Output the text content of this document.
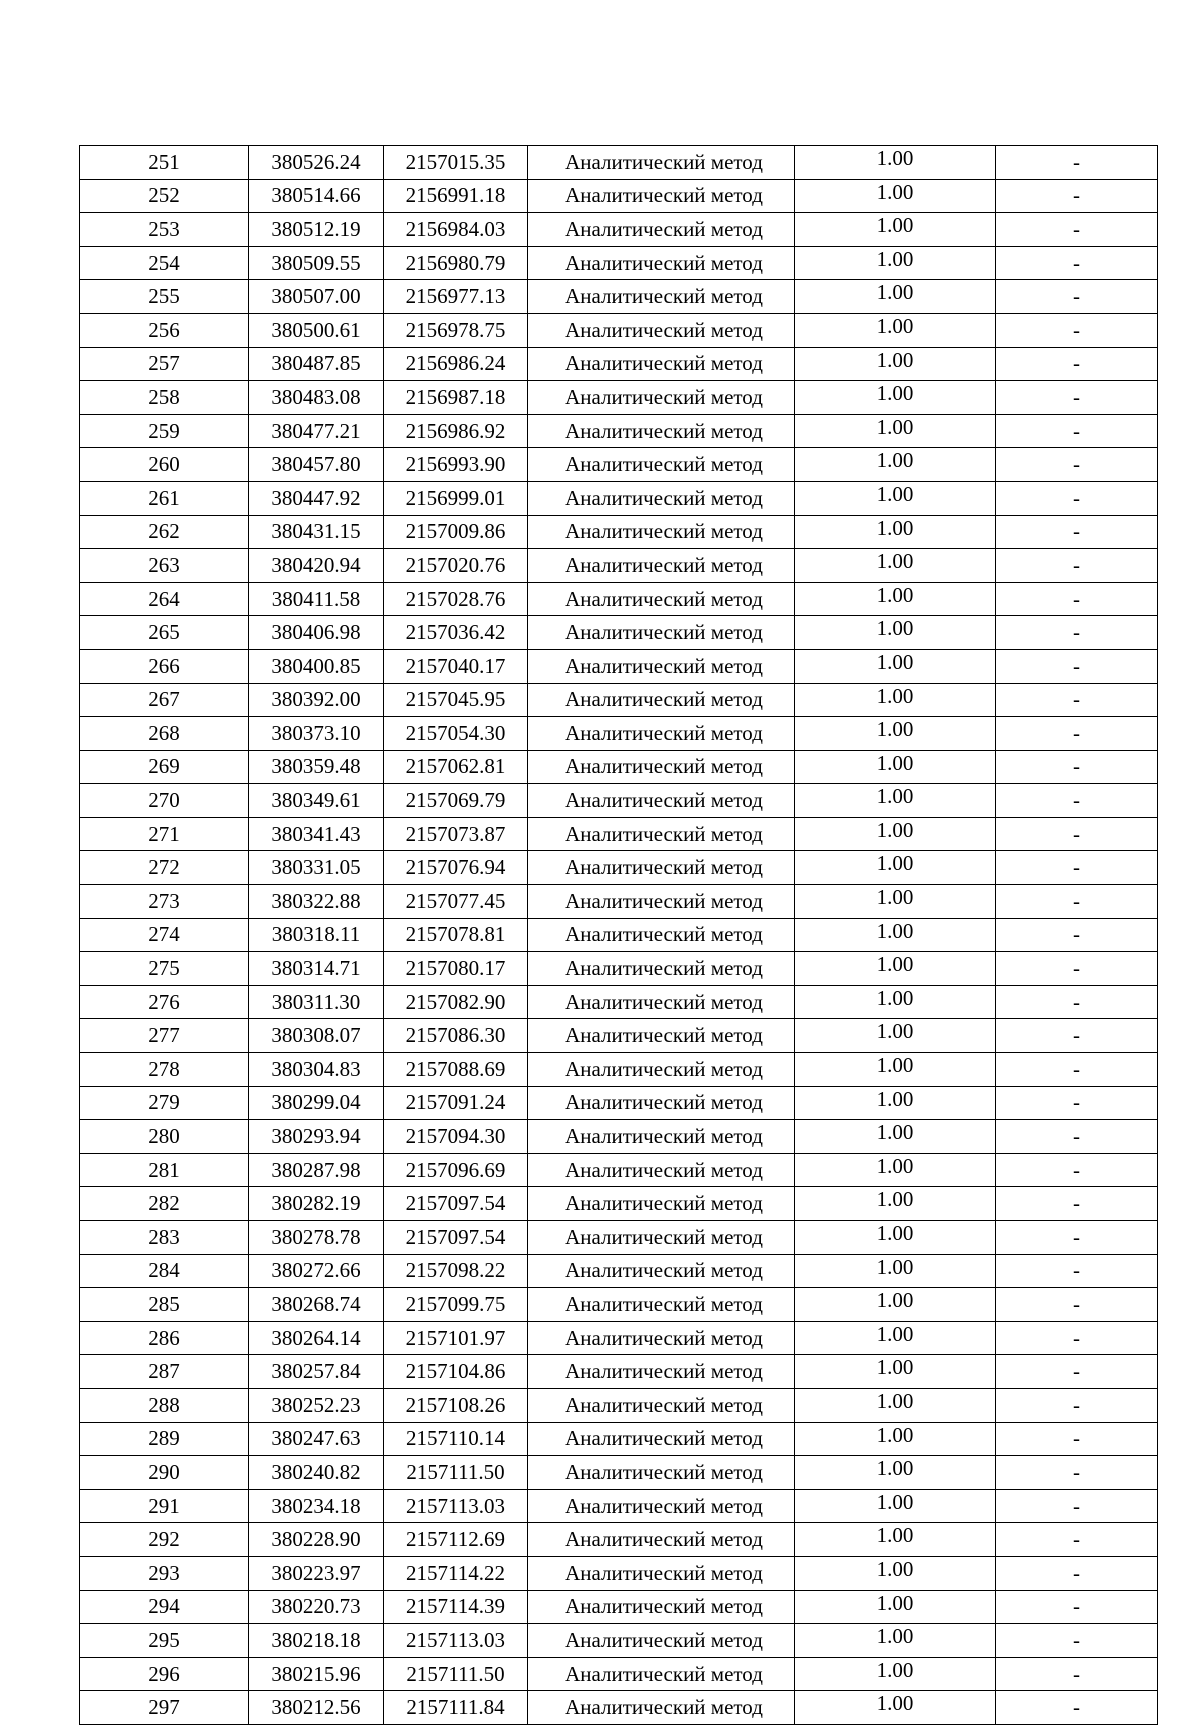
251	380526.24	2157015.35	Аналитический метод	1.00	-
252	380514.66	2156991.18	Аналитический метод	1.00	-
253	380512.19	2156984.03	Аналитический метод	1.00	-
254	380509.55	2156980.79	Аналитический метод	1.00	-
255	380507.00	2156977.13	Аналитический метод	1.00	-
256	380500.61	2156978.75	Аналитический метод	1.00	-
257	380487.85	2156986.24	Аналитический метод	1.00	-
258	380483.08	2156987.18	Аналитический метод	1.00	-
259	380477.21	2156986.92	Аналитический метод	1.00	-
260	380457.80	2156993.90	Аналитический метод	1.00	-
261	380447.92	2156999.01	Аналитический метод	1.00	-
262	380431.15	2157009.86	Аналитический метод	1.00	-
263	380420.94	2157020.76	Аналитический метод	1.00	-
264	380411.58	2157028.76	Аналитический метод	1.00	-
265	380406.98	2157036.42	Аналитический метод	1.00	-
266	380400.85	2157040.17	Аналитический метод	1.00	-
267	380392.00	2157045.95	Аналитический метод	1.00	-
268	380373.10	2157054.30	Аналитический метод	1.00	-
269	380359.48	2157062.81	Аналитический метод	1.00	-
270	380349.61	2157069.79	Аналитический метод	1.00	-
271	380341.43	2157073.87	Аналитический метод	1.00	-
272	380331.05	2157076.94	Аналитический метод	1.00	-
273	380322.88	2157077.45	Аналитический метод	1.00	-
274	380318.11	2157078.81	Аналитический метод	1.00	-
275	380314.71	2157080.17	Аналитический метод	1.00	-
276	380311.30	2157082.90	Аналитический метод	1.00	-
277	380308.07	2157086.30	Аналитический метод	1.00	-
278	380304.83	2157088.69	Аналитический метод	1.00	-
279	380299.04	2157091.24	Аналитический метод	1.00	-
280	380293.94	2157094.30	Аналитический метод	1.00	-
281	380287.98	2157096.69	Аналитический метод	1.00	-
282	380282.19	2157097.54	Аналитический метод	1.00	-
283	380278.78	2157097.54	Аналитический метод	1.00	-
284	380272.66	2157098.22	Аналитический метод	1.00	-
285	380268.74	2157099.75	Аналитический метод	1.00	-
286	380264.14	2157101.97	Аналитический метод	1.00	-
287	380257.84	2157104.86	Аналитический метод	1.00	-
288	380252.23	2157108.26	Аналитический метод	1.00	-
289	380247.63	2157110.14	Аналитический метод	1.00	-
290	380240.82	2157111.50	Аналитический метод	1.00	-
291	380234.18	2157113.03	Аналитический метод	1.00	-
292	380228.90	2157112.69	Аналитический метод	1.00	-
293	380223.97	2157114.22	Аналитический метод	1.00	-
294	380220.73	2157114.39	Аналитический метод	1.00	-
295	380218.18	2157113.03	Аналитический метод	1.00	-
296	380215.96	2157111.50	Аналитический метод	1.00	-
297	380212.56	2157111.84	Аналитический метод	1.00	-
